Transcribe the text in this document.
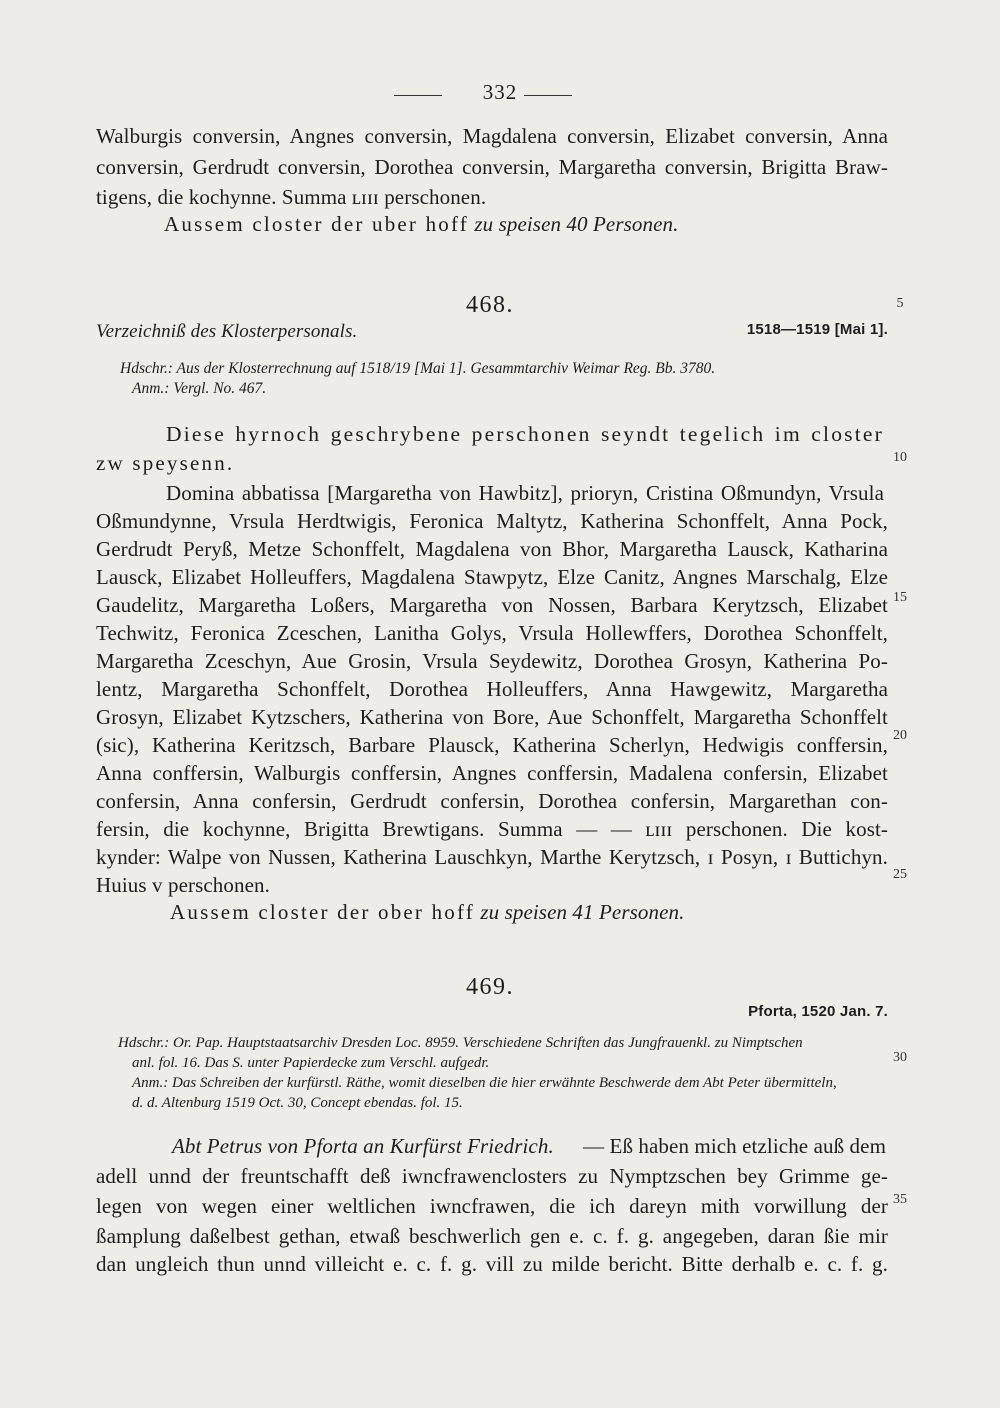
332
Walburgis conversin, Angnes conversin, Magdalena conversin, Elizabet conversin, Anna
conversin, Gerdrudt conversin, Dorothea conversin, Margaretha conversin, Brigitta Braw-
tigens, die kochynne. Summa ʟɪɪɪ perschonen.
Aussem closter der uber hoff zu speisen 40 Personen.
468.
Verzeichniß des Klosterpersonals.	1518—1519 [Mai 1].
Hdschr.: Aus der Klosterrechnung auf 1518/19 [Mai 1]. Gesammtarchiv Weimar Reg. Bb. 3780.
Anm.: Vergl. No. 467.
Diese hyrnoch geschrybene perschonen seyndt tegelich im closter
zw speysenn.
Domina abbatissa [Margaretha von Hawbitz], prioryn, Cristina Oßmundyn, Vrsula
Oßmundynne, Vrsula Herdtwigis, Feronica Maltytz, Katherina Schonffelt, Anna Pock,
Gerdrudt Peryß, Metze Schonffelt, Magdalena von Bhor, Margaretha Lausck, Katharina
Lausck, Elizabet Holleuffers, Magdalena Stawpytz, Elze Canitz, Angnes Marschalg, Elze
Gaudelitz, Margaretha Loßers, Margaretha von Nossen, Barbara Kerytzsch, Elizabet
Techwitz, Feronica Zceschen, Lanitha Golys, Vrsula Hollewffers, Dorothea Schonffelt,
Margaretha Zceschyn, Aue Grosin, Vrsula Seydewitz, Dorothea Grosyn, Katherina Po-
lentz, Margaretha Schonffelt, Dorothea Holleuffers, Anna Hawgewitz, Margaretha
Grosyn, Elizabet Kytzschers, Katherina von Bore, Aue Schonffelt, Margaretha Schonffelt
(sic), Katherina Keritzsch, Barbare Plausck, Katherina Scherlyn, Hedwigis conffersin,
Anna conffersin, Walburgis conffersin, Angnes conffersin, Madalena confersin, Elizabet
confersin, Anna confersin, Gerdrudt confersin, Dorothea confersin, Margarethan con-
fersin, die kochynne, Brigitta Brewtigans. Summa — — ʟɪɪɪ perschonen. Die kost-
kynder: Walpe von Nussen, Katherina Lauschkyn, Marthe Kerytzsch, ɪ Posyn, ɪ Buttichyn.
Huius v perschonen.
Aussem closter der ober hoff zu speisen 41 Personen.
469.
Pforta, 1520 Jan. 7.
Hdschr.: Or. Pap. Hauptstaatsarchiv Dresden Loc. 8959. Verschiedene Schriften das Jungfrauenkl. zu Nimptschen
anl. fol. 16. Das S. unter Papierdecke zum Verschl. aufgedr.
Anm.: Das Schreiben der kurfürstl. Räthe, womit dieselben die hier erwähnte Beschwerde dem Abt Peter übermitteln,
d. d. Altenburg 1519 Oct. 30, Concept ebendas. fol. 15.
Abt Petrus von Pforta an Kurfürst Friedrich. — Eß haben mich etzliche auß dem
adell unnd der freuntschafft deß iwncfrawenclosters zu Nymptzschen bey Grimme ge-
legen von wegen einer weltlichen iwncfrawen, die ich dareyn mith vorwillung der
ßamplung daßelbest gethan, etwaß beschwerlich gen e. c. f. g. angegeben, daran ßie mir
dan ungleich thun unnd villeicht e. c. f. g. vill zu milde bericht. Bitte derhalb e. c. f. g.
5
10
15
20
25
30
35
